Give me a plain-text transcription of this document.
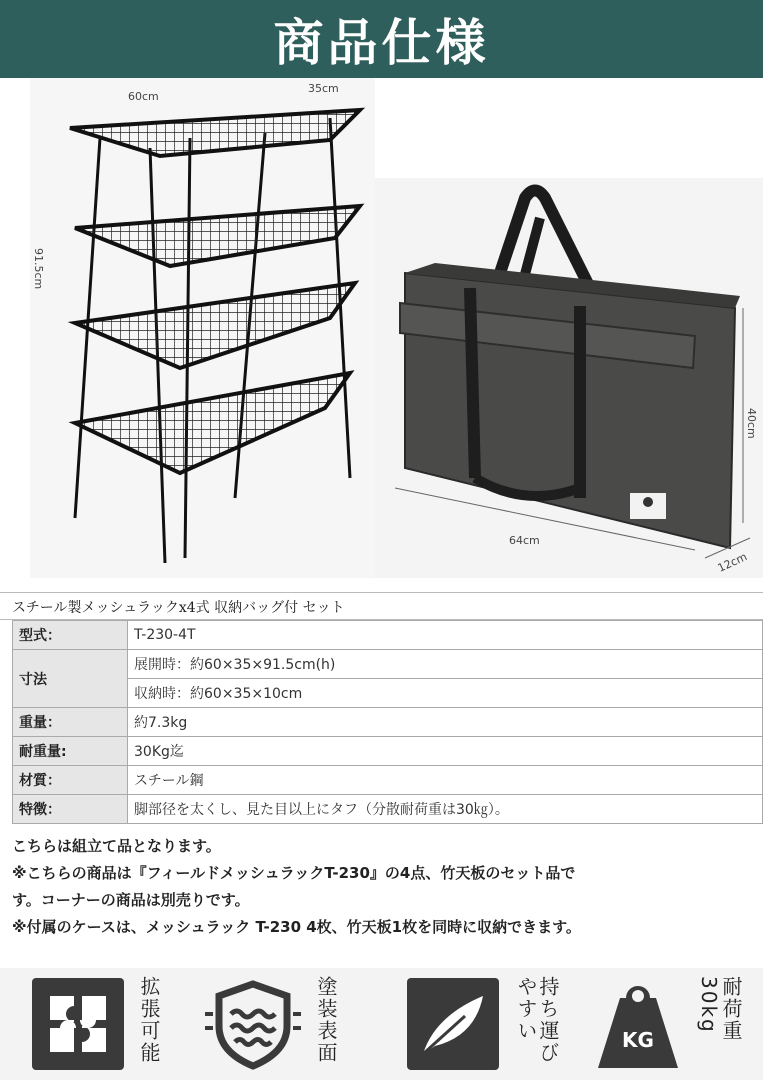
商品仕様
60cm
35cm
91.5cm
64cm
40cm
12cm
スチール製メッシュラックx4式 収納バッグ付 セット
型式：	T-230-4T
寸法	展開時：約60×35×91.5cm(h)
	収納時：約60×35×10cm
重量：	約7.3kg
耐重量:	30Kg迄
材質：	スチール鋼
特徴：	脚部径を太くし、見た目以上にタフ（分散耐荷重は30㎏）。

こちらは組立て品となります。

※こちらの商品は『フィールドメッシュラックT-230』の4点、竹天板のセット品で

す。コーナーの商品は別売りです。

※付属のケースは、メッシュラック T-230 4枚、竹天板1枚を同時に収納できます。

拡張可能	塗装表面	持ち運びやすい	KG	耐荷重30kg
